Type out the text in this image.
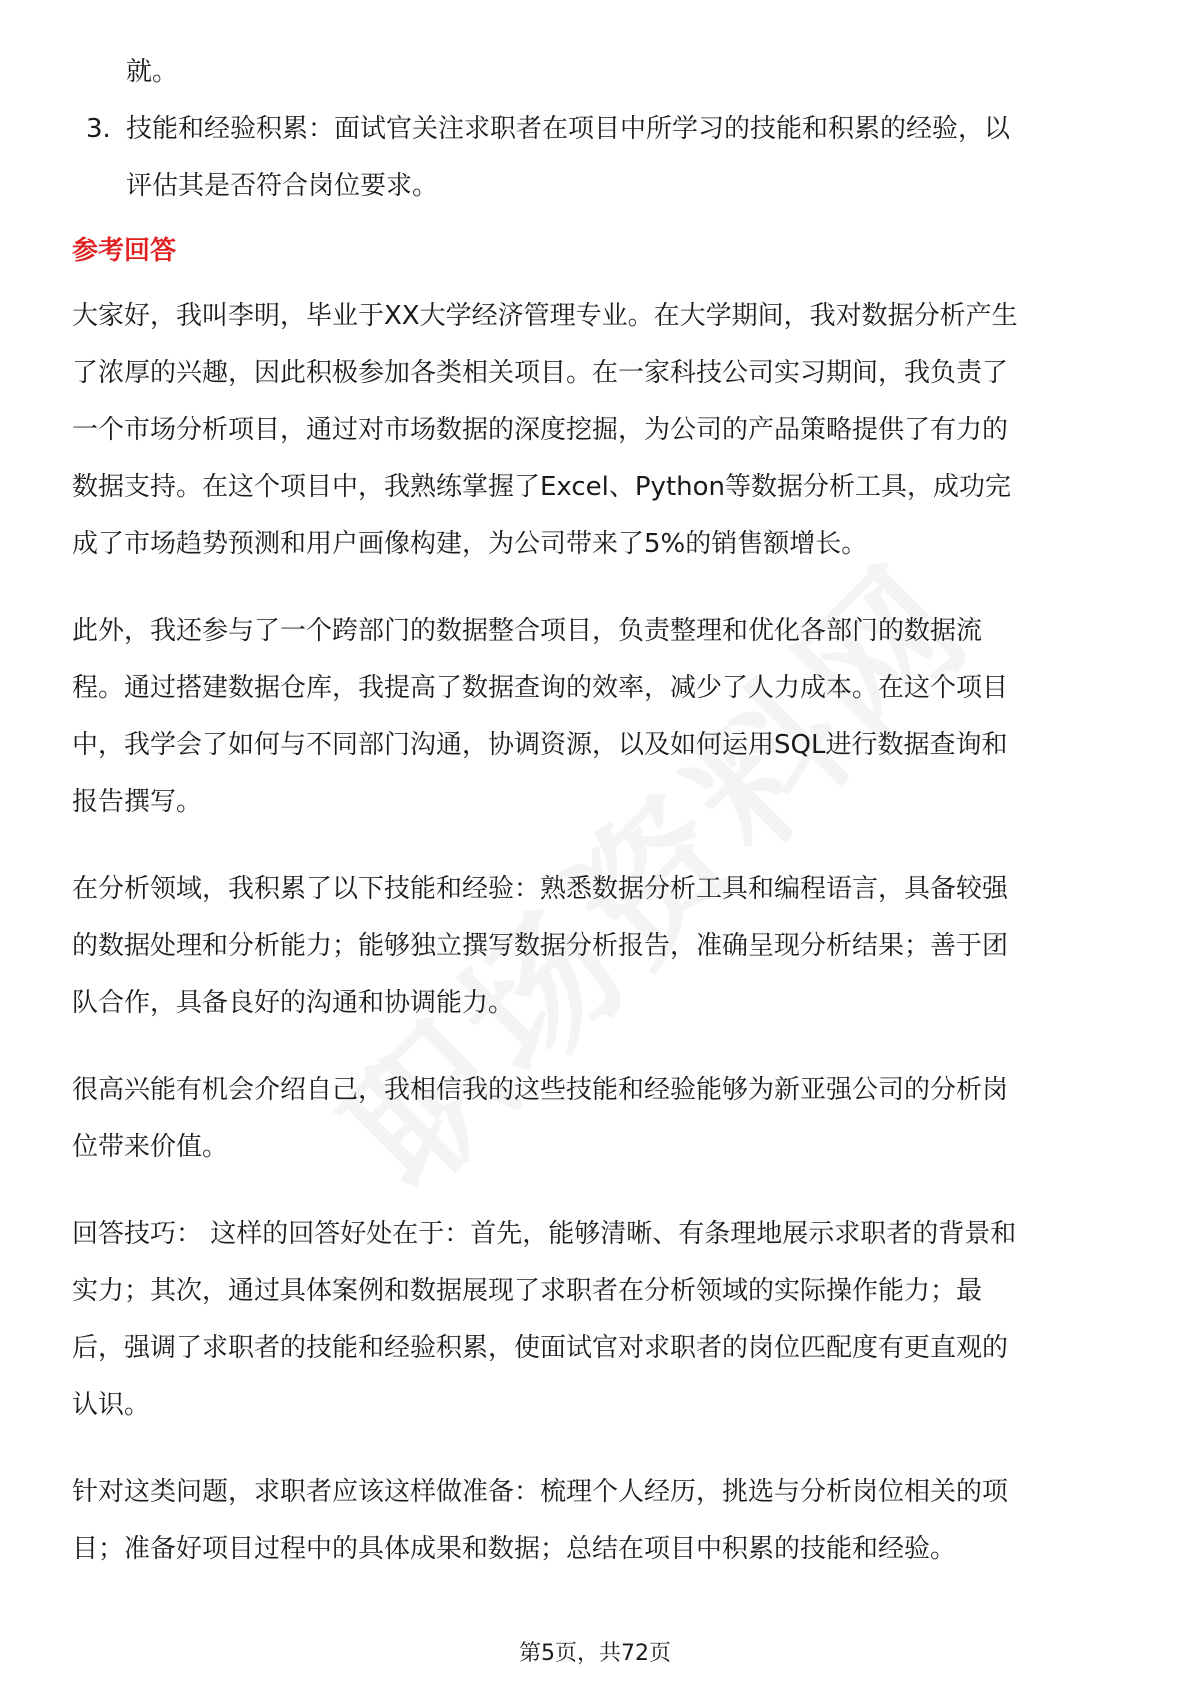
就。
3. 技能和经验积累：面试官关注求职者在项目中所学习的技能和积累的经验，以
评估其是否符合岗位要求。
参考回答
大家好，我叫李明，毕业于XX大学经济管理专业。在大学期间，我对数据分析产生
了浓厚的兴趣，因此积极参加各类相关项目。在一家科技公司实习期间，我负责了
一个市场分析项目，通过对市场数据的深度挖掘，为公司的产品策略提供了有力的
数据支持。在这个项目中，我熟练掌握了Excel、Python等数据分析工具，成功完
成了市场趋势预测和用户画像构建，为公司带来了5%的销售额增长。
此外，我还参与了一个跨部门的数据整合项目，负责整理和优化各部门的数据流
程。通过搭建数据仓库，我提高了数据查询的效率，减少了人力成本。在这个项目
中，我学会了如何与不同部门沟通，协调资源，以及如何运用SQL进行数据查询和
报告撰写。
在分析领域，我积累了以下技能和经验：熟悉数据分析工具和编程语言，具备较强
的数据处理和分析能力；能够独立撰写数据分析报告，准确呈现分析结果；善于团
队合作，具备良好的沟通和协调能力。
很高兴能有机会介绍自己，我相信我的这些技能和经验能够为新亚强公司的分析岗
位带来价值。
回答技巧： 这样的回答好处在于：首先，能够清晰、有条理地展示求职者的背景和
实力；其次，通过具体案例和数据展现了求职者在分析领域的实际操作能力；最
后，强调了求职者的技能和经验积累，使面试官对求职者的岗位匹配度有更直观的
认识。
针对这类问题，求职者应该这样做准备：梳理个人经历，挑选与分析岗位相关的项
目；准备好项目过程中的具体成果和数据；总结在项目中积累的技能和经验。
第5页，共72页
